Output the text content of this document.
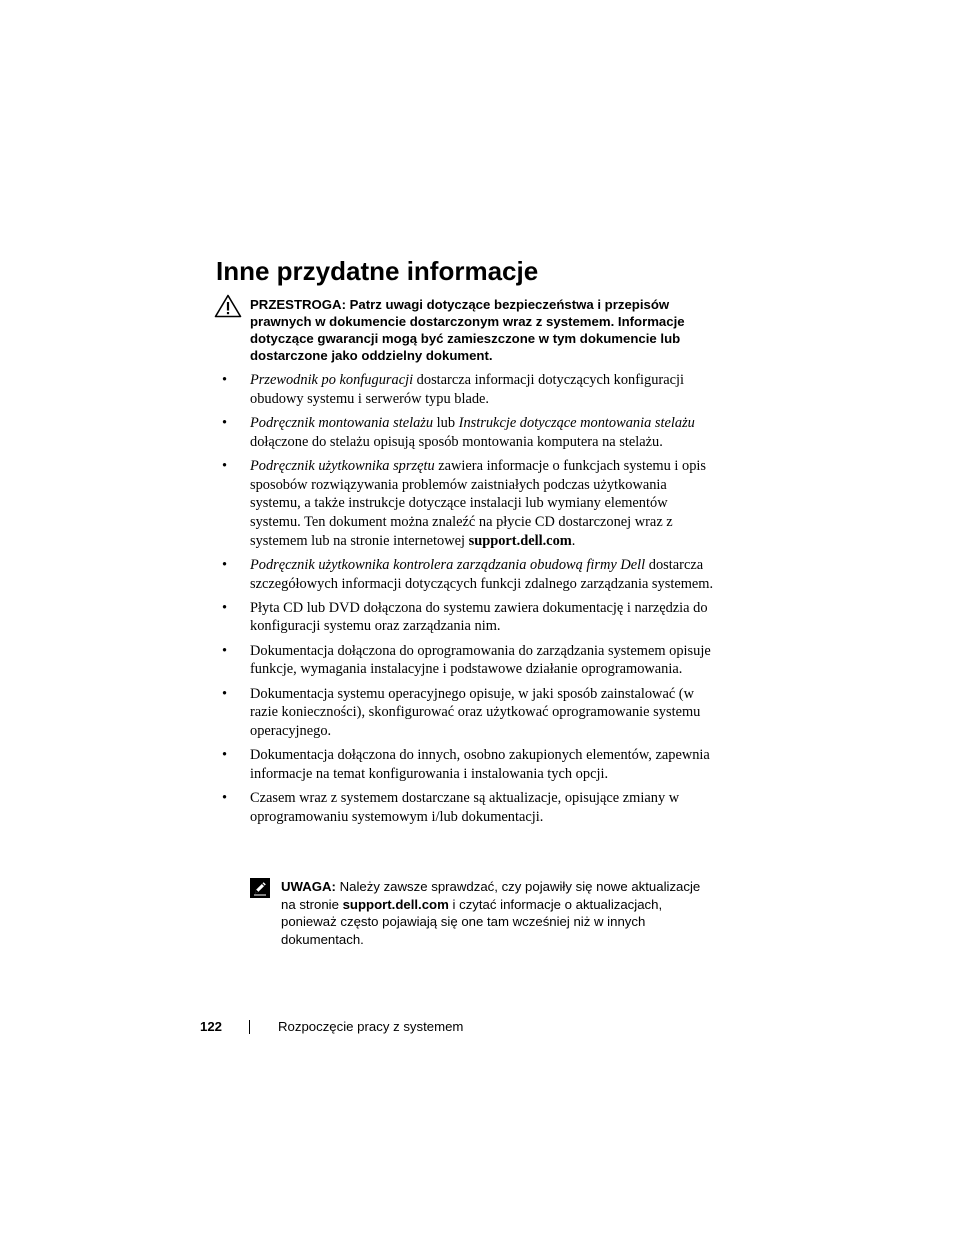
Inne przydatne informacje
PRZESTROGA: Patrz uwagi dotyczące bezpieczeństwa i przepisów prawnych w dokumencie dostarczonym wraz z systemem. Informacje dotyczące gwarancji mogą być zamieszczone w tym dokumencie lub dostarczone jako oddzielny dokument.
• Przewodnik po konfuguracji dostarcza informacji dotyczących konfiguracji obudowy systemu i serwerów typu blade.
• Podręcznik montowania stelażu lub Instrukcje dotyczące montowania stelażu dołączone do stelażu opisują sposób montowania komputera na stelażu.
• Podręcznik użytkownika sprzętu zawiera informacje o funkcjach systemu i opis sposobów rozwiązywania problemów zaistniałych podczas użytkowania systemu, a także instrukcje dotyczące instalacji lub wymiany elementów systemu. Ten dokument można znaleźć na płycie CD dostarczonej wraz z systemem lub na stronie internetowej support.dell.com.
• Podręcznik użytkownika kontrolera zarządzania obudową firmy Dell dostarcza szczegółowych informacji dotyczących funkcji zdalnego zarządzania systemem.
• Płyta CD lub DVD dołączona do systemu zawiera dokumentację i narzędzia do konfiguracji systemu oraz zarządzania nim.
• Dokumentacja dołączona do oprogramowania do zarządzania systemem opisuje funkcje, wymagania instalacyjne i podstawowe działanie oprogramowania.
• Dokumentacja systemu operacyjnego opisuje, w jaki sposób zainstalować (w razie konieczności), skonfigurować oraz użytkować oprogramowanie systemu operacyjnego.
• Dokumentacja dołączona do innych, osobno zakupionych elementów, zapewnia informacje na temat konfigurowania i instalowania tych opcji.
• Czasem wraz z systemem dostarczane są aktualizacje, opisujące zmiany w oprogramowaniu systemowym i/lub dokumentacji.
UWAGA: Należy zawsze sprawdzać, czy pojawiły się nowe aktualizacje na stronie support.dell.com i czytać informacje o aktualizacjach, ponieważ często pojawiają się one tam wcześniej niż w innych dokumentach.
122	Rozpoczęcie pracy z systemem
